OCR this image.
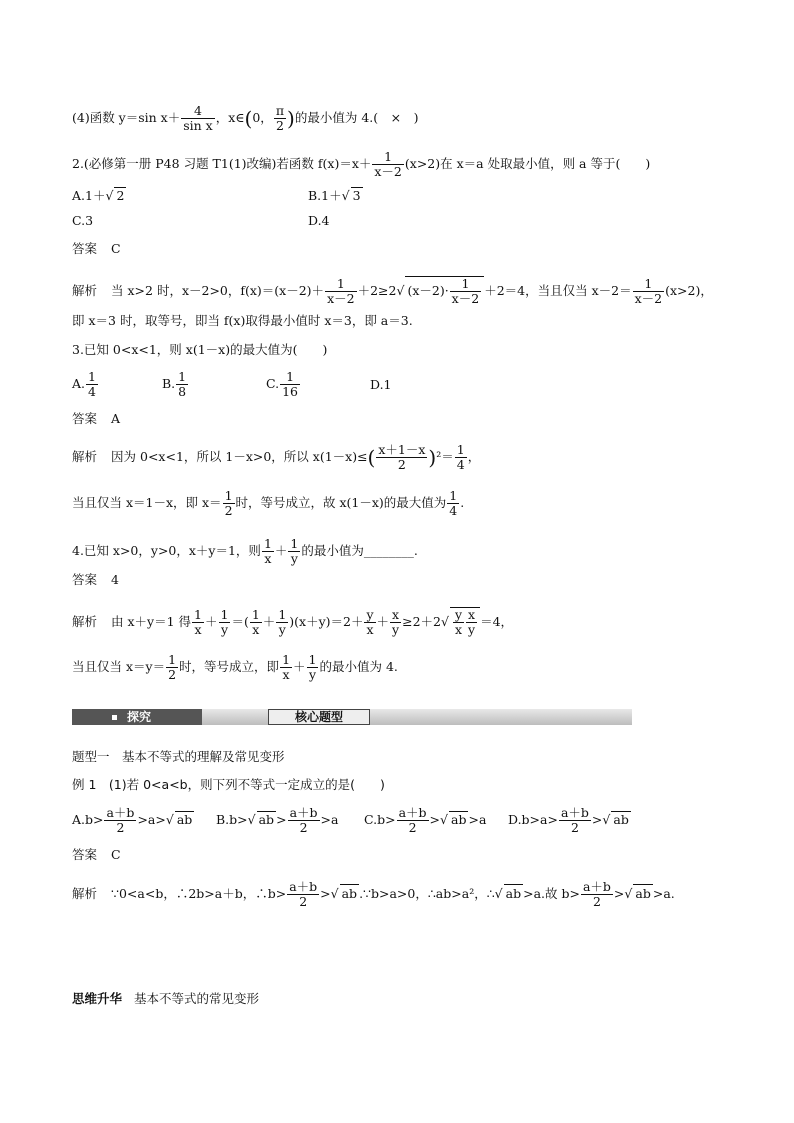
(4)函数 y＝sin $x+ \frac{4}{\text{sin x}}$ ，x∈(0， $\frac{\pi}{2}$ )的最小值为 4.(　×　)
2.(必修第一册 P48 习题 T1(1)改编)若函数 $f(x)=x+ \frac{1}{x-2} (x>2)$在 x＝a 处取最小值，则 a 等于(　　)
A.1＋√ 2	B.1＋√ 3
C.3	D.4
答案 C
解析 当 x>2 时，x－2>0，$f(x)=(x-2)+ \frac{1}{x-2} +2\ge 2√$ $(x-2)\cdot \frac{1}{x-2} +2=4$，当且仅当 $x-2= \frac{1}{x-2} (x>2)$，
即 x＝3 时，取等号，即当 f(x)取得最小值时 x＝3，即 a＝3.
3.已知 0<x<1，则 x(1－x)的最大值为(　　)
A. $\frac{1}{4}$	B. $\frac{1}{8}$	C. $\frac{1}{16}$	D.1
答案 A
解析 因为 0<x<1，所以 1－x>0，所以 $x(1-x)\le( \frac{x+1-x}{2} )^2= \frac{1}{4}$ ，
当且仅当 x＝1－x，即 $x= \frac{1}{2}$ 时，等号成立，故 x(1－x)的最大值为 $\frac{1}{4}$ .
4.已知 x>0，y>0，x＋y＝1，则 $\frac{1}{x} + \frac{1}{y}$ 的最小值为________.
答案 4
解析 由 x＋y＝1 得 $\frac{1}{x} + \frac{1}{y}$ ＝( $\frac{1}{x} + \frac{1}{y} )(x+y)=2+ \frac{y}{x} + \frac{x}{y} \ge 2+2√ \frac{y}{x} \frac{x}{y} =4$，
当且仅当 $x=y= \frac{1}{2}$ 时，等号成立，即 $\frac{1}{x} + \frac{1}{y}$ 的最小值为 4.
探究	核心题型
题型一　基本不等式的理解及常见变形
例 1　(1)若 0<a<b，则下列不等式一定成立的是(　　)
$A.b> \frac{a+b}{2} >a>√$ ab B.b>√ ab > $\frac{a+b}{2} >a$ $C.b> \frac{a+b}{2}$ >√ ab >a $D.b>a> \frac{a+b}{2}$ >√ ab
答案 C
解析 ∵0<a<b，∴2b>a＋b，∴b> $\frac{a+b}{2}$ >√ ab .∵b>a>0，∴ab>a²，∴√ ab >a.故 $b> \frac{a+b}{2}$ >√ ab >a.
思维升华 基本不等式的常见变形
